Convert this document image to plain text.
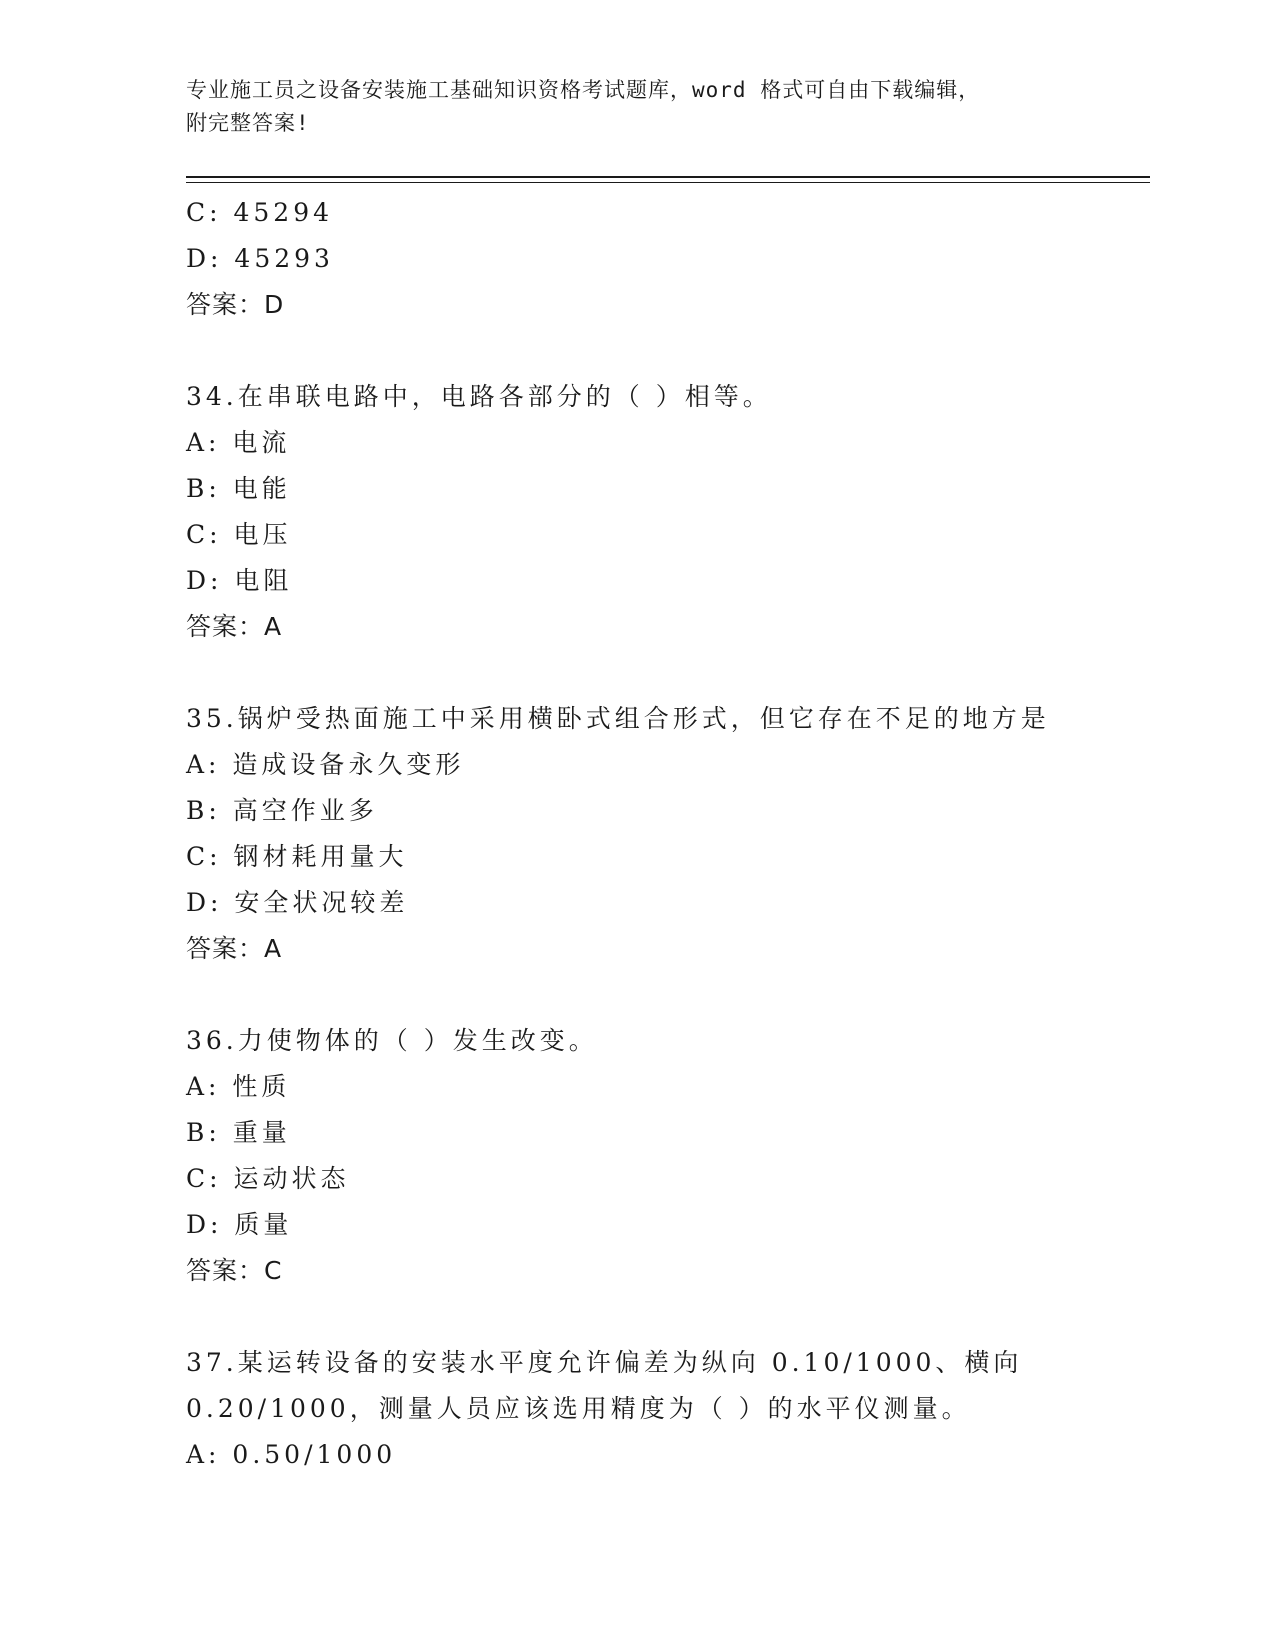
专业施工员之设备安装施工基础知识资格考试题库，word 格式可自由下载编辑，
附完整答案!
C: 45294
D: 45293
答案：D
34.在串联电路中，电路各部分的（ ）相等。
A: 电流
B: 电能
C: 电压
D: 电阻
答案：A
35.锅炉受热面施工中采用横卧式组合形式，但它存在不足的地方是
A: 造成设备永久变形
B: 高空作业多
C: 钢材耗用量大
D: 安全状况较差
答案：A
36.力使物体的（ ）发生改变。
A: 性质
B: 重量
C: 运动状态
D: 质量
答案：C
37.某运转设备的安装水平度允许偏差为纵向 0.10/1000、横向
0.20/1000，测量人员应该选用精度为（ ）的水平仪测量。
A: 0.50/1000
